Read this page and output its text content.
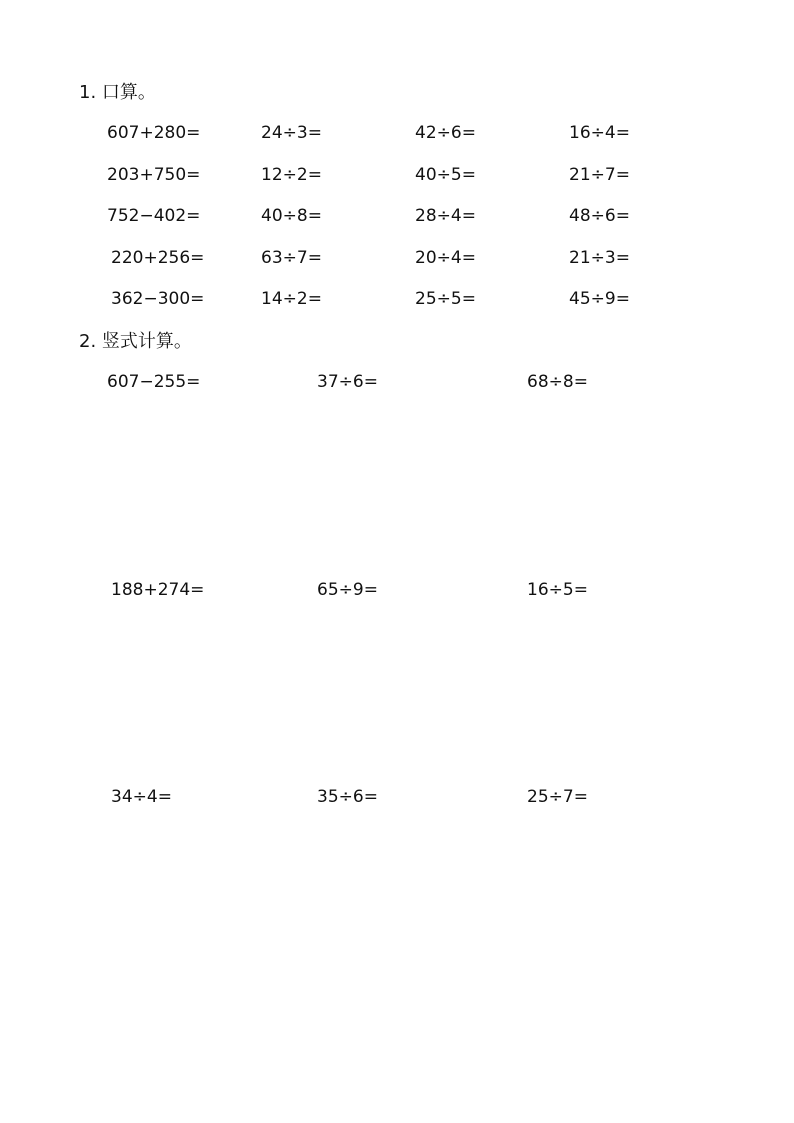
1. 口算。
607+280=	24÷3=	42÷6=	16÷4=
203+750=	12÷2=	40÷5=	21÷7=
752−402=	40÷8=	28÷4=	48÷6=
220+256=	63÷7=	20÷4=	21÷3=
362−300=	14÷2=	25÷5=	45÷9=
2. 竖式计算。
607−255=	37÷6=	68÷8=
188+274=	65÷9=	16÷5=
34÷4=	35÷6=	25÷7=
